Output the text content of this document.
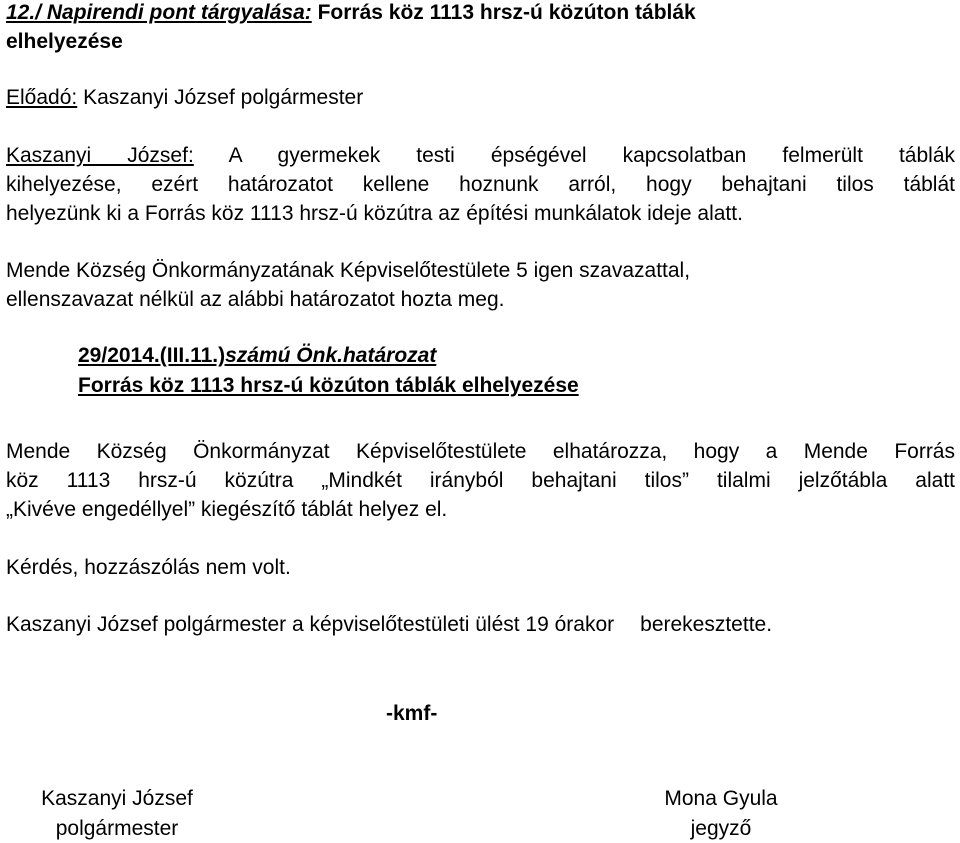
12./ Napirendi pont tárgyalása: Forrás köz 1113 hrsz-ú közúton táblák
elhelyezése
Előadó: Kaszanyi József polgármester
Kaszanyi József: A gyermekek testi épségével kapcsolatban felmerült táblák
kihelyezése, ezért határozatot kellene hoznunk arról, hogy behajtani tilos táblát
helyezünk ki a Forrás köz 1113 hrsz-ú közútra az építési munkálatok ideje alatt.
Mende Község Önkormányzatának Képviselőtestülete 5 igen szavazattal,
ellenszavazat nélkül az alábbi határozatot hozta meg.
29/2014.(III.11.)számú Önk.határozat
Forrás köz 1113 hrsz-ú közúton táblák elhelyezése
Mende Község Önkormányzat Képviselőtestülete elhatározza, hogy a Mende Forrás
köz 1113 hrsz-ú közútra „Mindkét irányból behajtani tilos” tilalmi jelzőtábla alatt
„Kivéve engedéllyel” kiegészítő táblát helyez el.
Kérdés, hozzászólás nem volt.
Kaszanyi József polgármester a képviselőtestületi ülést 19 órakor berekesztette.
-kmf-
Kaszanyi József
polgármester
Mona Gyula
jegyző
